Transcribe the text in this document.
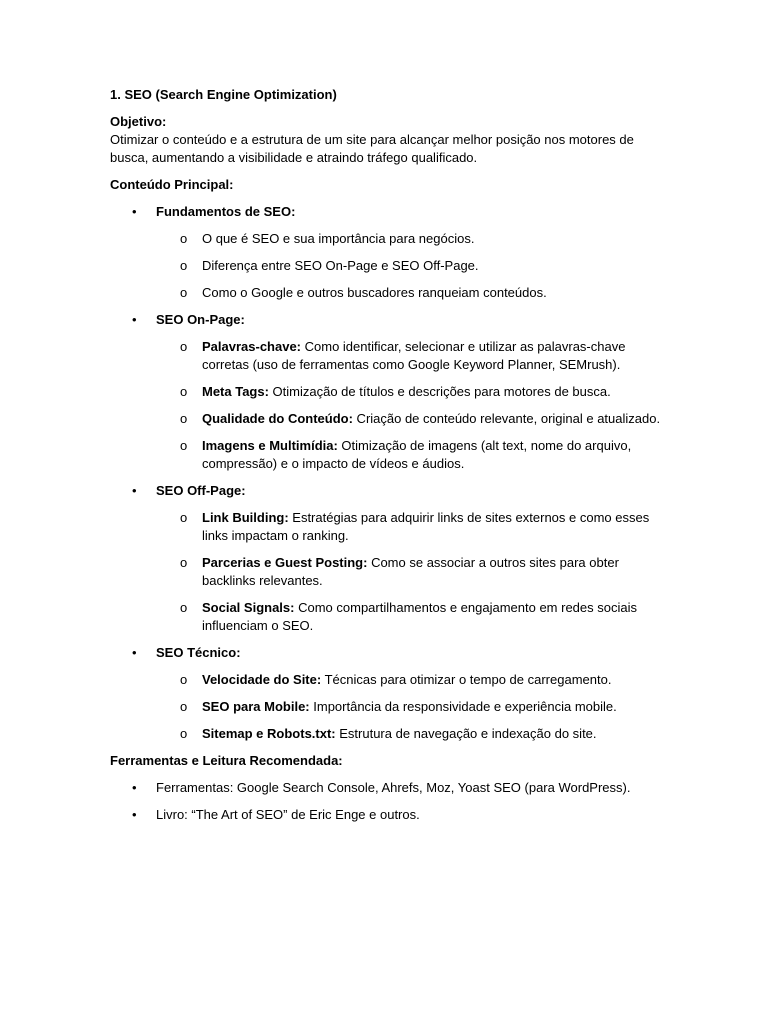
1. SEO (Search Engine Optimization)

Objetivo:

Otimizar o conteúdo e a estrutura de um site para alcançar melhor posição nos motores de busca, aumentando a visibilidade e atraindo tráfego qualificado.

Conteúdo Principal:

• Fundamentos de SEO:
o O que é SEO e sua importância para negócios.
o Diferença entre SEO On-Page e SEO Off-Page.
o Como o Google e outros buscadores ranqueiam conteúdos.
• SEO On-Page:
o Palavras-chave: Como identificar, selecionar e utilizar as palavras-chave corretas (uso de ferramentas como Google Keyword Planner, SEMrush).
o Meta Tags: Otimização de títulos e descrições para motores de busca.
o Qualidade do Conteúdo: Criação de conteúdo relevante, original e atualizado.
o Imagens e Multimídia: Otimização de imagens (alt text, nome do arquivo, compressão) e o impacto de vídeos e áudios.
• SEO Off-Page:
o Link Building: Estratégias para adquirir links de sites externos e como esses links impactam o ranking.
o Parcerias e Guest Posting: Como se associar a outros sites para obter backlinks relevantes.
o Social Signals: Como compartilhamentos e engajamento em redes sociais influenciam o SEO.
• SEO Técnico:
o Velocidade do Site: Técnicas para otimizar o tempo de carregamento.
o SEO para Mobile: Importância da responsividade e experiência mobile.
o Sitemap e Robots.txt: Estrutura de navegação e indexação do site.

Ferramentas e Leitura Recomendada:

• Ferramentas: Google Search Console, Ahrefs, Moz, Yoast SEO (para WordPress).
• Livro: “The Art of SEO” de Eric Enge e outros.
